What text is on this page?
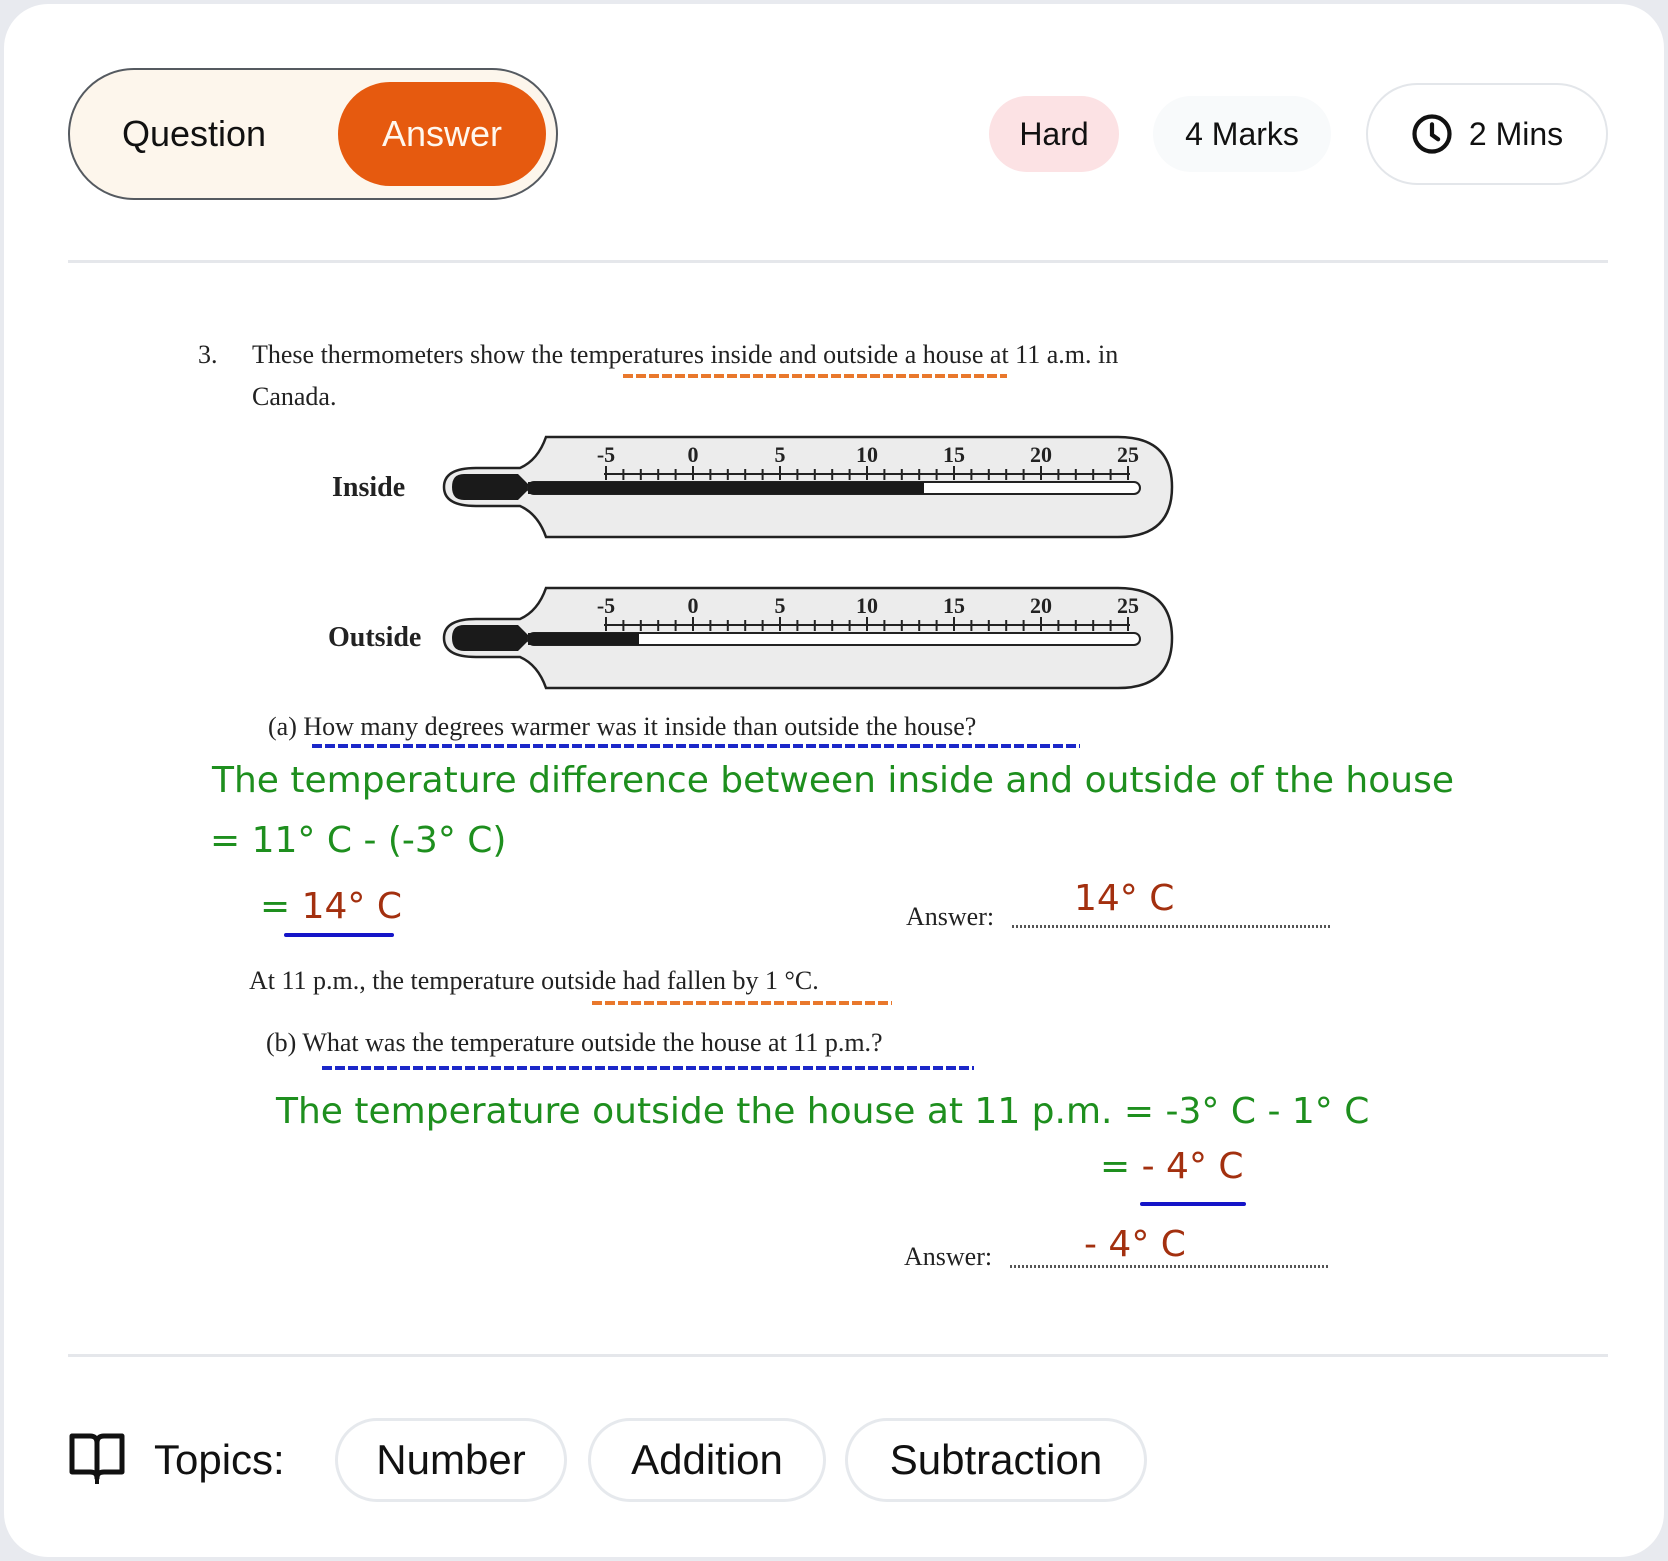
Question	Answer	Hard	4 Marks	2 Mins
3. These thermometers show the temperatures inside and outside a house at 11 a.m. in
Canada.
Inside
-5	0	5	10	15	20	25
Outside
-5	0	5	10	15	20	25
(a) How many degrees warmer was it inside than outside the house?
The temperature difference between inside and outside of the house
= 11° C - (-3° C)
= 14° C	Answer: 14° C
At 11 p.m., the temperature outside had fallen by 1 °C.
(b) What was the temperature outside the house at 11 p.m.?
The temperature outside the house at 11 p.m. = -3° C - 1° C
= - 4° C
Answer:	- 4° C
Topics:	Number	Addition	Subtraction
